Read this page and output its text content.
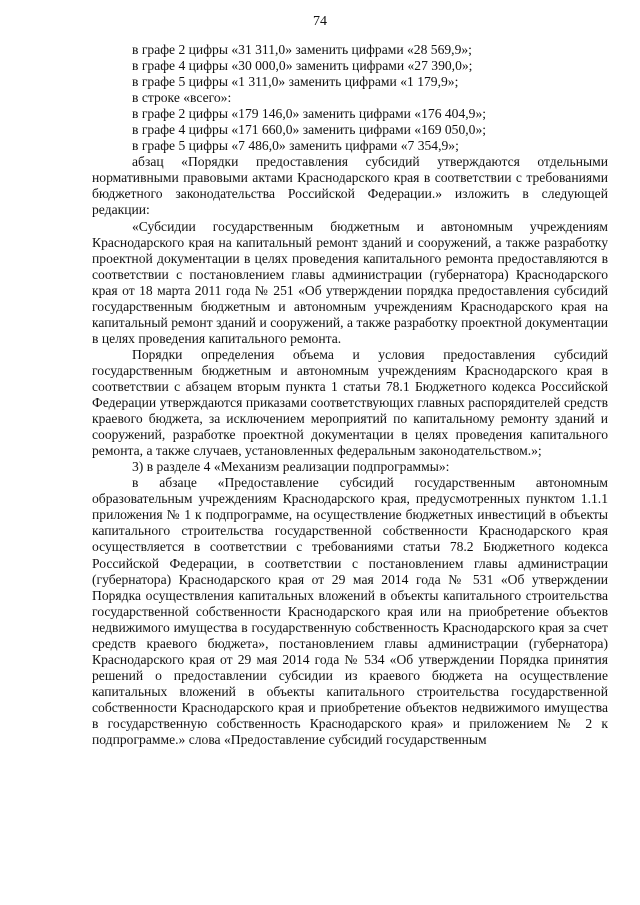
74

в графе 2 цифры «31 311,0» заменить цифрами «28 569,9»;

в графе 4 цифры «30 000,0» заменить цифрами «27 390,0»;

в графе 5 цифры «1 311,0» заменить цифрами «1 179,9»;

в строке «всего»:

в графе 2 цифры «179 146,0» заменить цифрами «176 404,9»;

в графе 4 цифры «171 660,0» заменить цифрами «169 050,0»;

в графе 5 цифры «7 486,0» заменить цифрами «7 354,9»;

абзац «Порядки предоставления субсидий утверждаются отдельными нормативными правовыми актами Краснодарского края в соответствии с требованиями бюджетного законодательства Российской Федерации.» изложить в следующей редакции:

«Субсидии государственным бюджетным и автономным учреждениям Краснодарского края на капитальный ремонт зданий и сооружений, а также разработку проектной документации в целях проведения капитального ремонта предоставляются в соответствии с постановлением главы администрации (губернатора) Краснодарского края от 18 марта 2011 года № 251 «Об утверждении порядка предоставления субсидий государственным бюджетным и автономным учреждениям Краснодарского края на капитальный ремонт зданий и сооружений, а также разработку проектной документации в целях проведения капитального ремонта.

Порядки определения объема и условия предоставления субсидий государственным бюджетным и автономным учреждениям Краснодарского края в соответствии с абзацем вторым пункта 1 статьи 78.1 Бюджетного кодекса Российской Федерации утверждаются приказами соответствующих главных распорядителей средств краевого бюджета, за исключением мероприятий по капитальному ремонту зданий и сооружений, разработке проектной документации в целях проведения капитального ремонта, а также случаев, установленных федеральным законодательством.»;

3) в разделе 4 «Механизм реализации подпрограммы»:

в абзаце «Предоставление субсидий государственным автономным образовательным учреждениям Краснодарского края, предусмотренных пунктом 1.1.1 приложения № 1 к подпрограмме, на осуществление бюджетных инвестиций в объекты капитального строительства государственной собственности Краснодарского края осуществляется в соответствии с требованиями статьи 78.2 Бюджетного кодекса Российской Федерации, в соответствии с постановлением главы администрации (губернатора) Краснодарского края от 29 мая 2014 года № 531 «Об утверждении Порядка осуществления капитальных вложений в объекты капитального строительства государственной собственности Краснодарского края или на приобретение объектов недвижимого имущества в государственную собственность Краснодарского края за счет средств краевого бюджета», постановлением главы администрации (губернатора) Краснодарского края от 29 мая 2014 года № 534 «Об утверждении Порядка принятия решений о предоставлении субсидии из краевого бюджета на осуществление капитальных вложений в объекты капитального строительства государственной собственности Краснодарского края и приобретение объектов недвижимого имущества в государственную собственность Краснодарского края» и приложением № 2 к подпрограмме.» слова «Предоставление субсидий государственным
